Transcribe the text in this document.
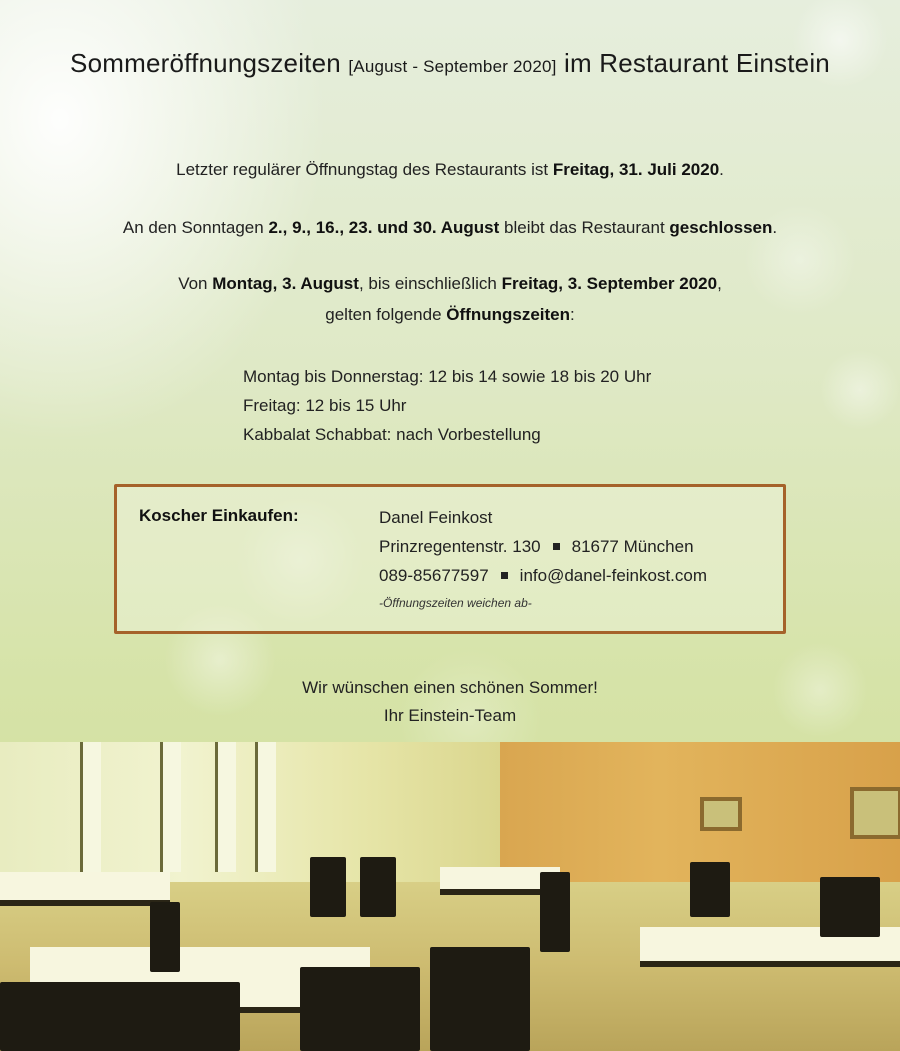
Sommeröffnungszeiten [August - September 2020] im Restaurant Einstein
Letzter regulärer Öffnungstag des Restaurants ist Freitag, 31. Juli 2020.
An den Sonntagen 2., 9., 16., 23. und 30. August bleibt das Restaurant geschlossen.
Von Montag, 3. August, bis einschließlich Freitag, 3. September 2020,
gelten folgende Öffnungszeiten:
Montag bis Donnerstag: 12 bis 14 sowie 18 bis 20 Uhr
Freitag: 12 bis 15 Uhr
Kabbalat Schabbat: nach Vorbestellung
Koscher Einkaufen:	Danel Feinkost
Prinzregentenstr. 130 81677 München
089-85677597 info@danel-feinkost.com
-Öffnungszeiten weichen ab-
Wir wünschen einen schönen Sommer!
Ihr Einstein-Team
